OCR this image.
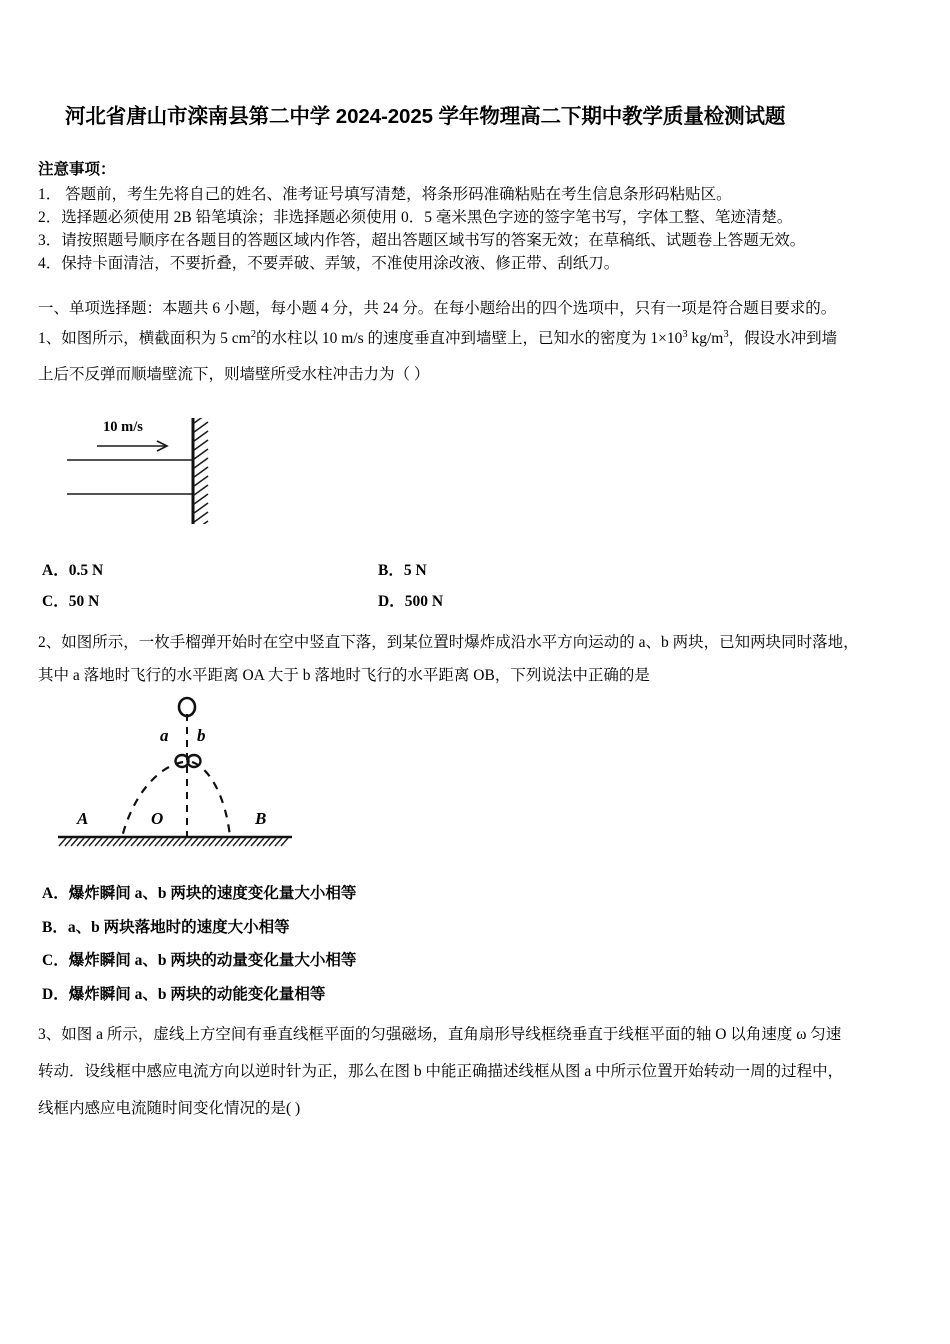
河北省唐山市滦南县第二中学 2024-2025 学年物理高二下期中教学质量检测试题
注意事项：
1． 答题前，考生先将自己的姓名、准考证号填写清楚，将条形码准确粘贴在考生信息条形码粘贴区。
2．选择题必须使用 2B 铅笔填涂；非选择题必须使用 0．5 毫米黑色字迹的签字笔书写，字体工整、笔迹清楚。
3．请按照题号顺序在各题目的答题区域内作答，超出答题区域书写的答案无效；在草稿纸、试题卷上答题无效。
4．保持卡面清洁，不要折叠，不要弄破、弄皱，不准使用涂改液、修正带、刮纸刀。
一、单项选择题：本题共 6 小题，每小题 4 分，共 24 分。在每小题给出的四个选项中，只有一项是符合题目要求的。
1、如图所示，横截面积为 5 $cm^2$的水柱以 10 m/s 的速度垂直冲到墙壁上，已知水的密度为 $1\times 10^3$ $kg/m^3$，假设水冲到墙
上后不反弹而顺墙壁流下，则墙壁所受水柱冲击力为（ ）
10 m/s
A．0.5 N	B．5 N
C．50 N	D．500 N
2、如图所示，一枚手榴弹开始时在空中竖直下落，到某位置时爆炸成沿水平方向运动的 a、b 两块，已知两块同时落地，
其中 a 落地时飞行的水平距离 OA 大于 b 落地时飞行的水平距离 OB，下列说法中正确的是
a b
A	O	B
A．爆炸瞬间 a、b 两块的速度变化量大小相等
B．a、b 两块落地时的速度大小相等
C．爆炸瞬间 a、b 两块的动量变化量大小相等
D．爆炸瞬间 a、b 两块的动能变化量相等
3、如图 a 所示，虚线上方空间有垂直线框平面的匀强磁场，直角扇形导线框绕垂直于线框平面的轴 O 以角速度 ω 匀速
转动．设线框中感应电流方向以逆时针为正，那么在图 b 中能正确描述线框从图 a 中所示位置开始转动一周的过程中，
线框内感应电流随时间变化情况的是( )
